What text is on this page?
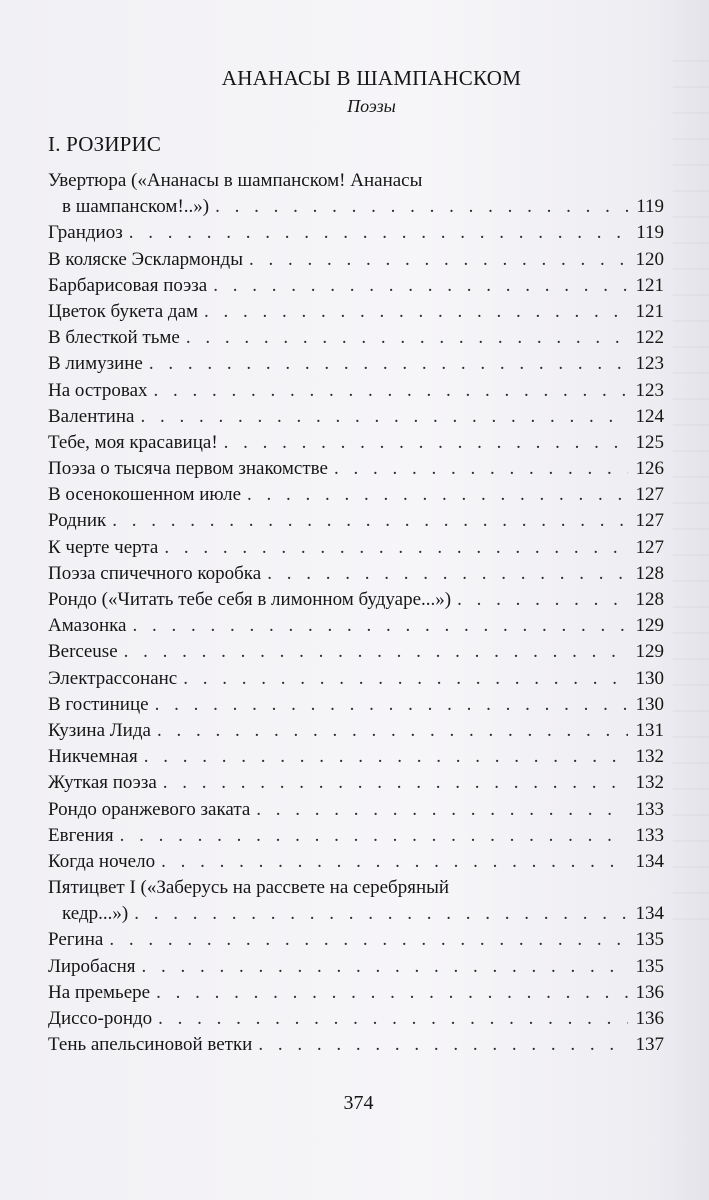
АНАНАСЫ В ШАМПАНСКОМ
Поэзы
I. РОЗИРИС
Увертюра («Ананасы в шампанском! Ананасы
в шампанском!..») . . .	119
Грандиоз . . .	119
В коляске Эсклармонды . . .	120
Барбарисовая поэза . . .	121
Цветок букета дам . . .	121
В блесткой тьме . . .	122
В лимузине . . .	123
На островах . . .	123
Валентина . . .	124
Тебе, моя красавица! . . .	125
Поэза о тысяча первом знакомстве . . .	126
В осенокошенном июле . . .	127
Родник . . .	127
К черте черта . . .	127
Поэза спичечного коробка . . .	128
Рондо («Читать тебе себя в лимонном будуаре...») . . .	128
Амазонка . . .	129
Berceuse . . .	129
Электрассонанс . . .	130
В гостинице . . .	130
Кузина Лида . . .	131
Никчемная . . .	132
Жуткая поэза . . .	132
Рондо оранжевого заката . . .	133
Евгения . . .	133
Когда ночело . . .	134
Пятицвет I («Заберусь на рассвете на серебряный
кедр...») . . .	134
Регина . . .	135
Лиробасня . . .	135
На премьере . . .	136
Диссо-рондо . . .	136
Тень апельсиновой ветки . . .	137
374
